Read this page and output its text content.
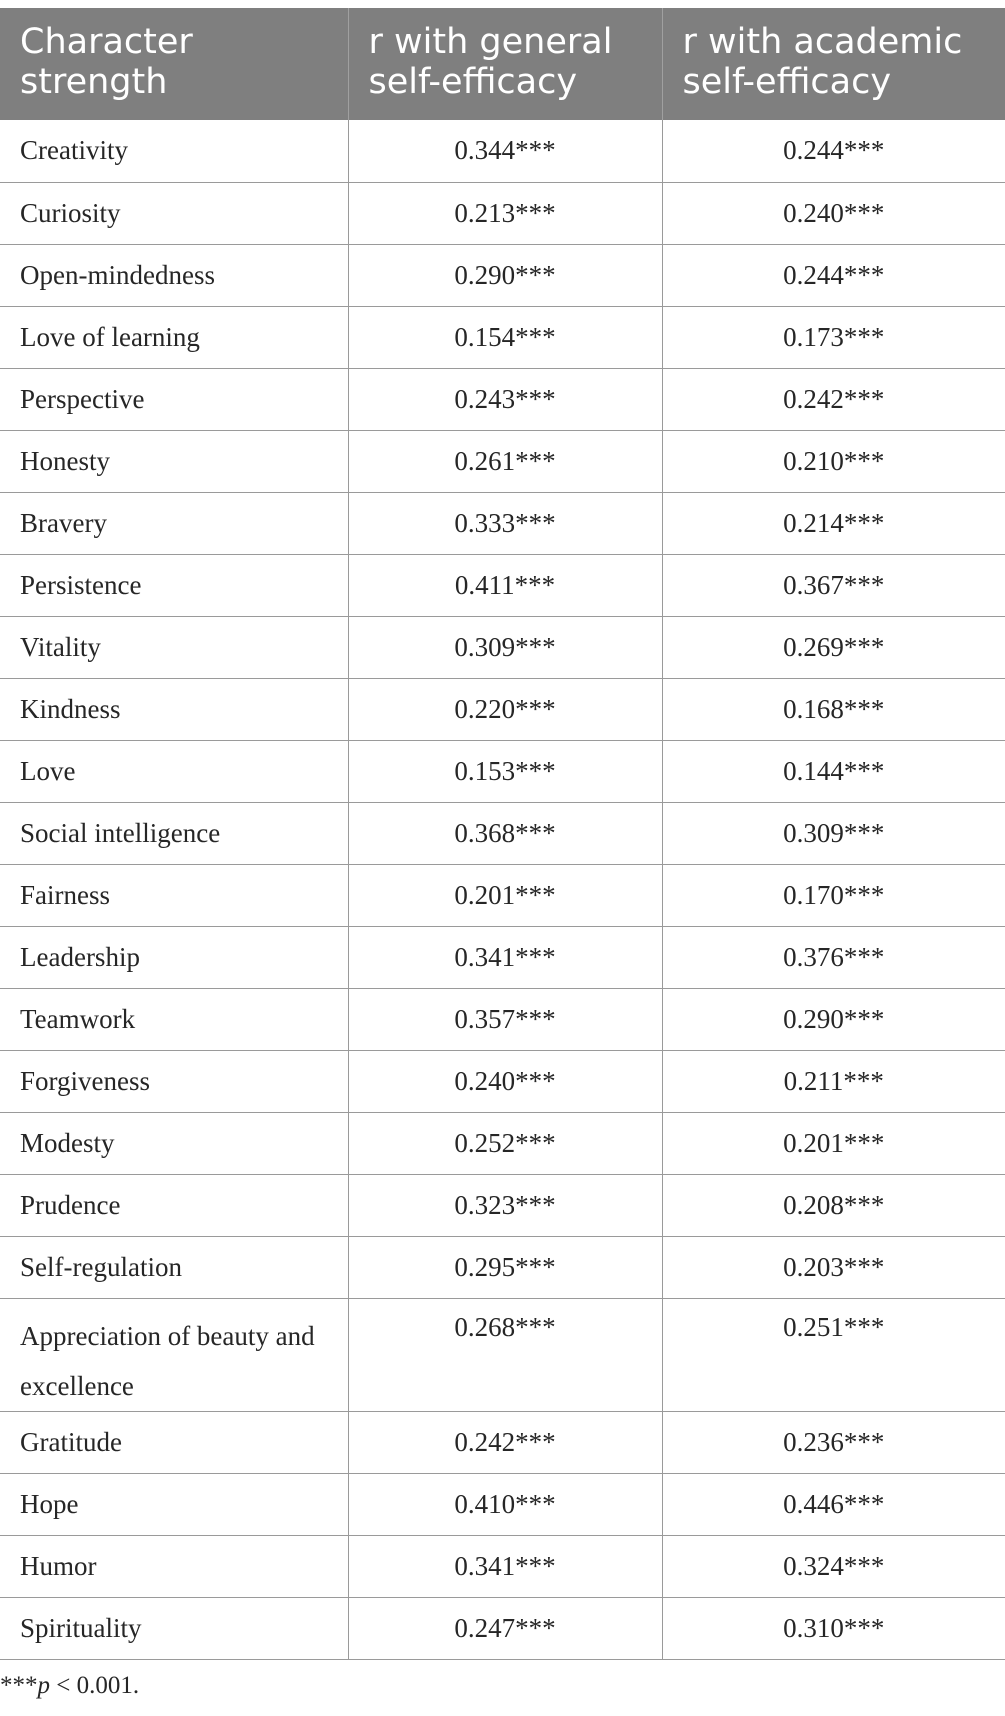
Character strength	r with general self-efficacy	r with academic self-efficacy
Creativity	0.344***	0.244***
Curiosity	0.213***	0.240***
Open-mindedness	0.290***	0.244***
Love of learning	0.154***	0.173***
Perspective	0.243***	0.242***
Honesty	0.261***	0.210***
Bravery	0.333***	0.214***
Persistence	0.411***	0.367***
Vitality	0.309***	0.269***
Kindness	0.220***	0.168***
Love	0.153***	0.144***
Social intelligence	0.368***	0.309***
Fairness	0.201***	0.170***
Leadership	0.341***	0.376***
Teamwork	0.357***	0.290***
Forgiveness	0.240***	0.211***
Modesty	0.252***	0.201***
Prudence	0.323***	0.208***
Self-regulation	0.295***	0.203***
Appreciation of beauty and excellence	0.268***	0.251***
Gratitude	0.242***	0.236***
Hope	0.410***	0.446***
Humor	0.341***	0.324***
Spirituality	0.247***	0.310***
***p < 0.001.
